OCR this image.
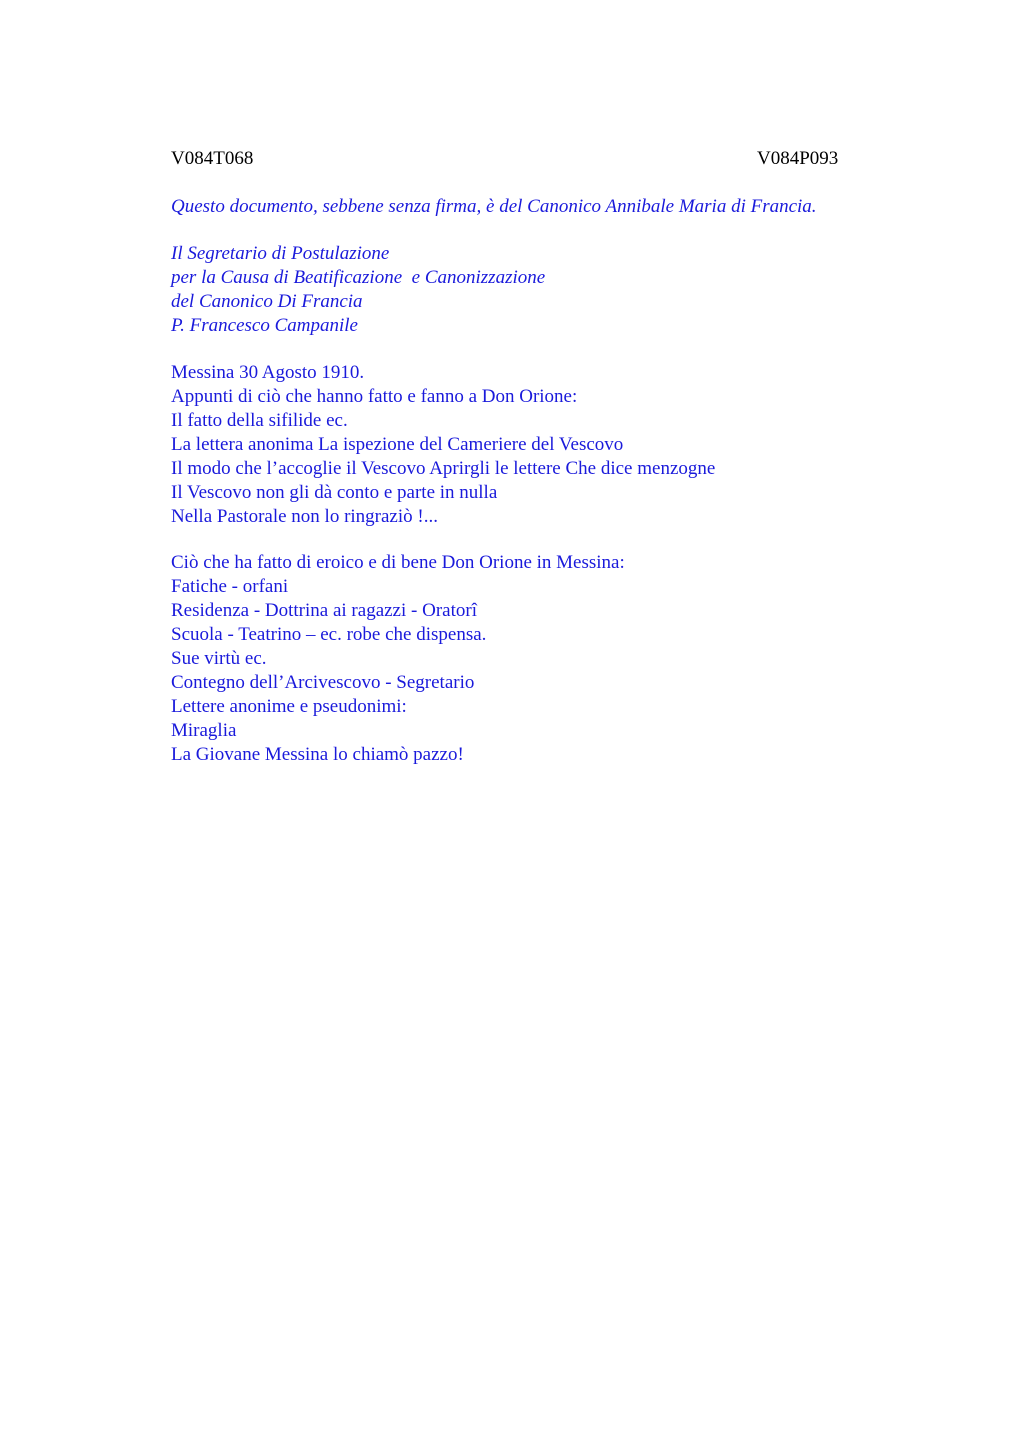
V084T068	V084P093
Questo documento, sebbene senza firma, è del Canonico Annibale Maria di Francia.
Il Segretario di Postulazione
per la Causa di Beatificazione  e Canonizzazione
del Canonico Di Francia
P. Francesco Campanile
Messina 30 Agosto 1910.
Appunti di ciò che hanno fatto e fanno a Don Orione:
Il fatto della sifilide ec.
La lettera anonima La ispezione del Cameriere del Vescovo
Il modo che l’accoglie il Vescovo Aprirgli le lettere Che dice menzogne
Il Vescovo non gli dà conto e parte in nulla
Nella Pastorale non lo ringraziò !...
Ciò che ha fatto di eroico e di bene Don Orione in Messina:
Fatiche - orfani
Residenza - Dottrina ai ragazzi - Oratorî
Scuola - Teatrino – ec. robe che dispensa.
Sue virtù ec.
Contegno dell’Arcivescovo - Segretario
Lettere anonime e pseudonimi:
Miraglia
La Giovane Messina lo chiamò pazzo!
